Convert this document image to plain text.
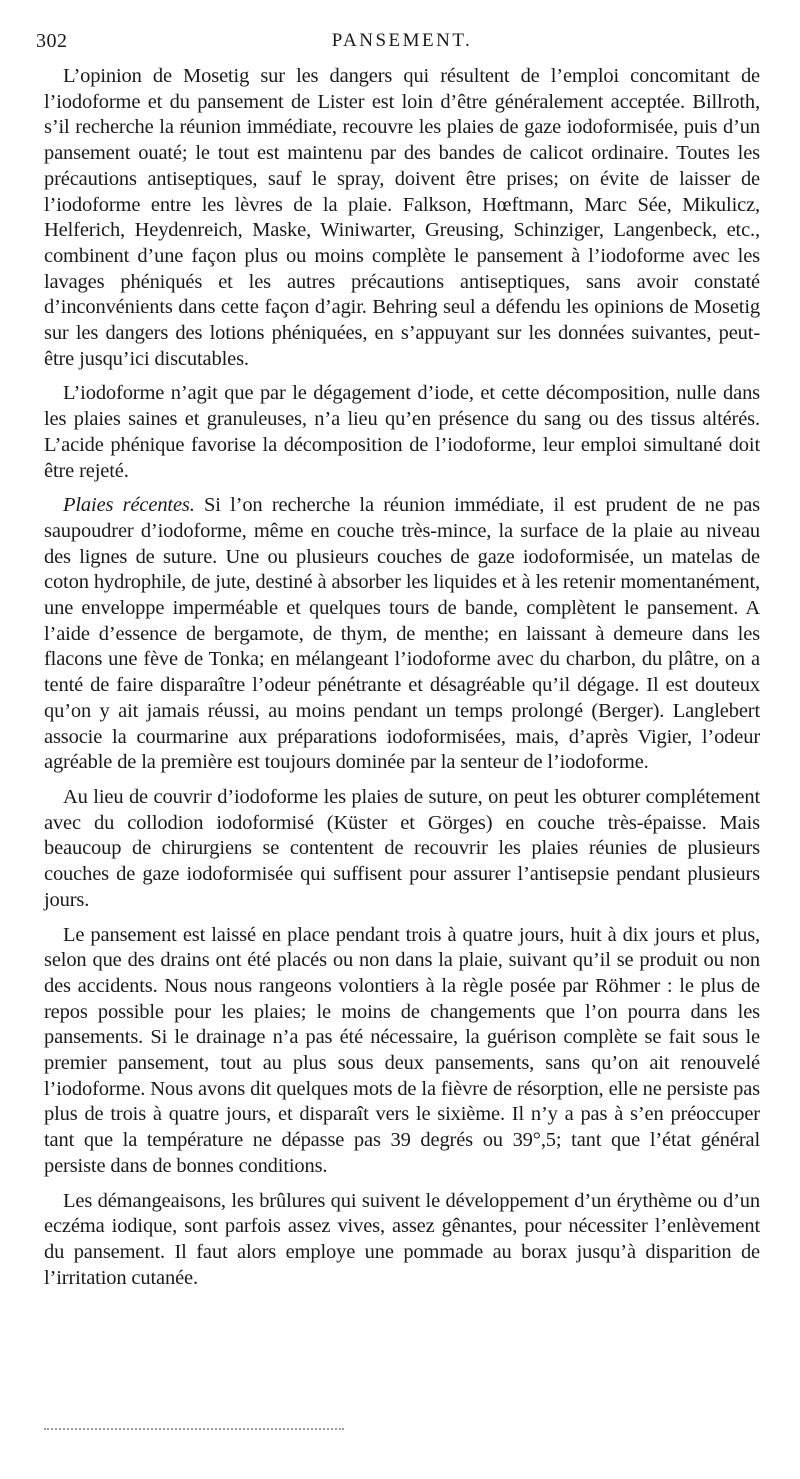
302	PANSEMENT.

L’opinion de Mosetig sur les dangers qui résultent de l’emploi concomitant de l’iodoforme et du pansement de Lister est loin d’être généralement acceptée. Billroth, s’il recherche la réunion immédiate, recouvre les plaies de gaze iodoformisée, puis d’un pansement ouaté; le tout est maintenu par des bandes de calicot ordinaire. Toutes les précautions antiseptiques, sauf le spray, doivent être prises; on évite de laisser de l’iodoforme entre les lèvres de la plaie. Falkson, Hœftmann, Marc Sée, Mikulicz, Helferich, Heydenreich, Maske, Winiwarter, Greusing, Schinziger, Langenbeck, etc., combinent d’une façon plus ou moins complète le pansement à l’iodoforme avec les lavages phéniqués et les autres précautions antiseptiques, sans avoir constaté d’inconvénients dans cette façon d’agir. Behring seul a défendu les opinions de Mosetig sur les dangers des lotions phéniquées, en s’appuyant sur les données suivantes, peut-être jusqu’ici discutables.

L’iodoforme n’agit que par le dégagement d’iode, et cette décomposition, nulle dans les plaies saines et granuleuses, n’a lieu qu’en présence du sang ou des tissus altérés. L’acide phénique favorise la décomposition de l’iodoforme, leur emploi simultané doit être rejeté.

Plaies récentes. Si l’on recherche la réunion immédiate, il est prudent de ne pas saupoudrer d’iodoforme, même en couche très-mince, la surface de la plaie au niveau des lignes de suture. Une ou plusieurs couches de gaze iodoformisée, un matelas de coton hydrophile, de jute, destiné à absorber les liquides et à les retenir momentanément, une enveloppe imperméable et quelques tours de bande, complètent le pansement. A l’aide d’essence de bergamote, de thym, de menthe; en laissant à demeure dans les flacons une fève de Tonka; en mélangeant l’iodoforme avec du charbon, du plâtre, on a tenté de faire disparaître l’odeur pénétrante et désagréable qu’il dégage. Il est douteux qu’on y ait jamais réussi, au moins pendant un temps prolongé (Berger). Langlebert associe la courmarine aux préparations iodoformisées, mais, d’après Vigier, l’odeur agréable de la première est toujours dominée par la senteur de l’iodoforme.

Au lieu de couvrir d’iodoforme les plaies de suture, on peut les obturer complétement avec du collodion iodoformisé (Küster et Görges) en couche très-épaisse. Mais beaucoup de chirurgiens se contentent de recouvrir les plaies réunies de plusieurs couches de gaze iodoformisée qui suffisent pour assurer l’antisepsie pendant plusieurs jours.

Le pansement est laissé en place pendant trois à quatre jours, huit à dix jours et plus, selon que des drains ont été placés ou non dans la plaie, suivant qu’il se produit ou non des accidents. Nous nous rangeons volontiers à la règle posée par Röhmer : le plus de repos possible pour les plaies; le moins de changements que l’on pourra dans les pansements. Si le drainage n’a pas été nécessaire, la guérison complète se fait sous le premier pansement, tout au plus sous deux pansements, sans qu’on ait renouvelé l’iodoforme. Nous avons dit quelques mots de la fièvre de résorption, elle ne persiste pas plus de trois à quatre jours, et disparaît vers le sixième. Il n’y a pas à s’en préoccuper tant que la température ne dépasse pas 39 degrés ou 39°,5; tant que l’état général persiste dans de bonnes conditions.

Les démangeaisons, les brûlures qui suivent le développement d’un érythème ou d’un eczéma iodique, sont parfois assez vives, assez gênantes, pour nécessiter l’enlèvement du pansement. Il faut alors employe une pommade au borax jusqu’à disparition de l’irritation cutanée.
